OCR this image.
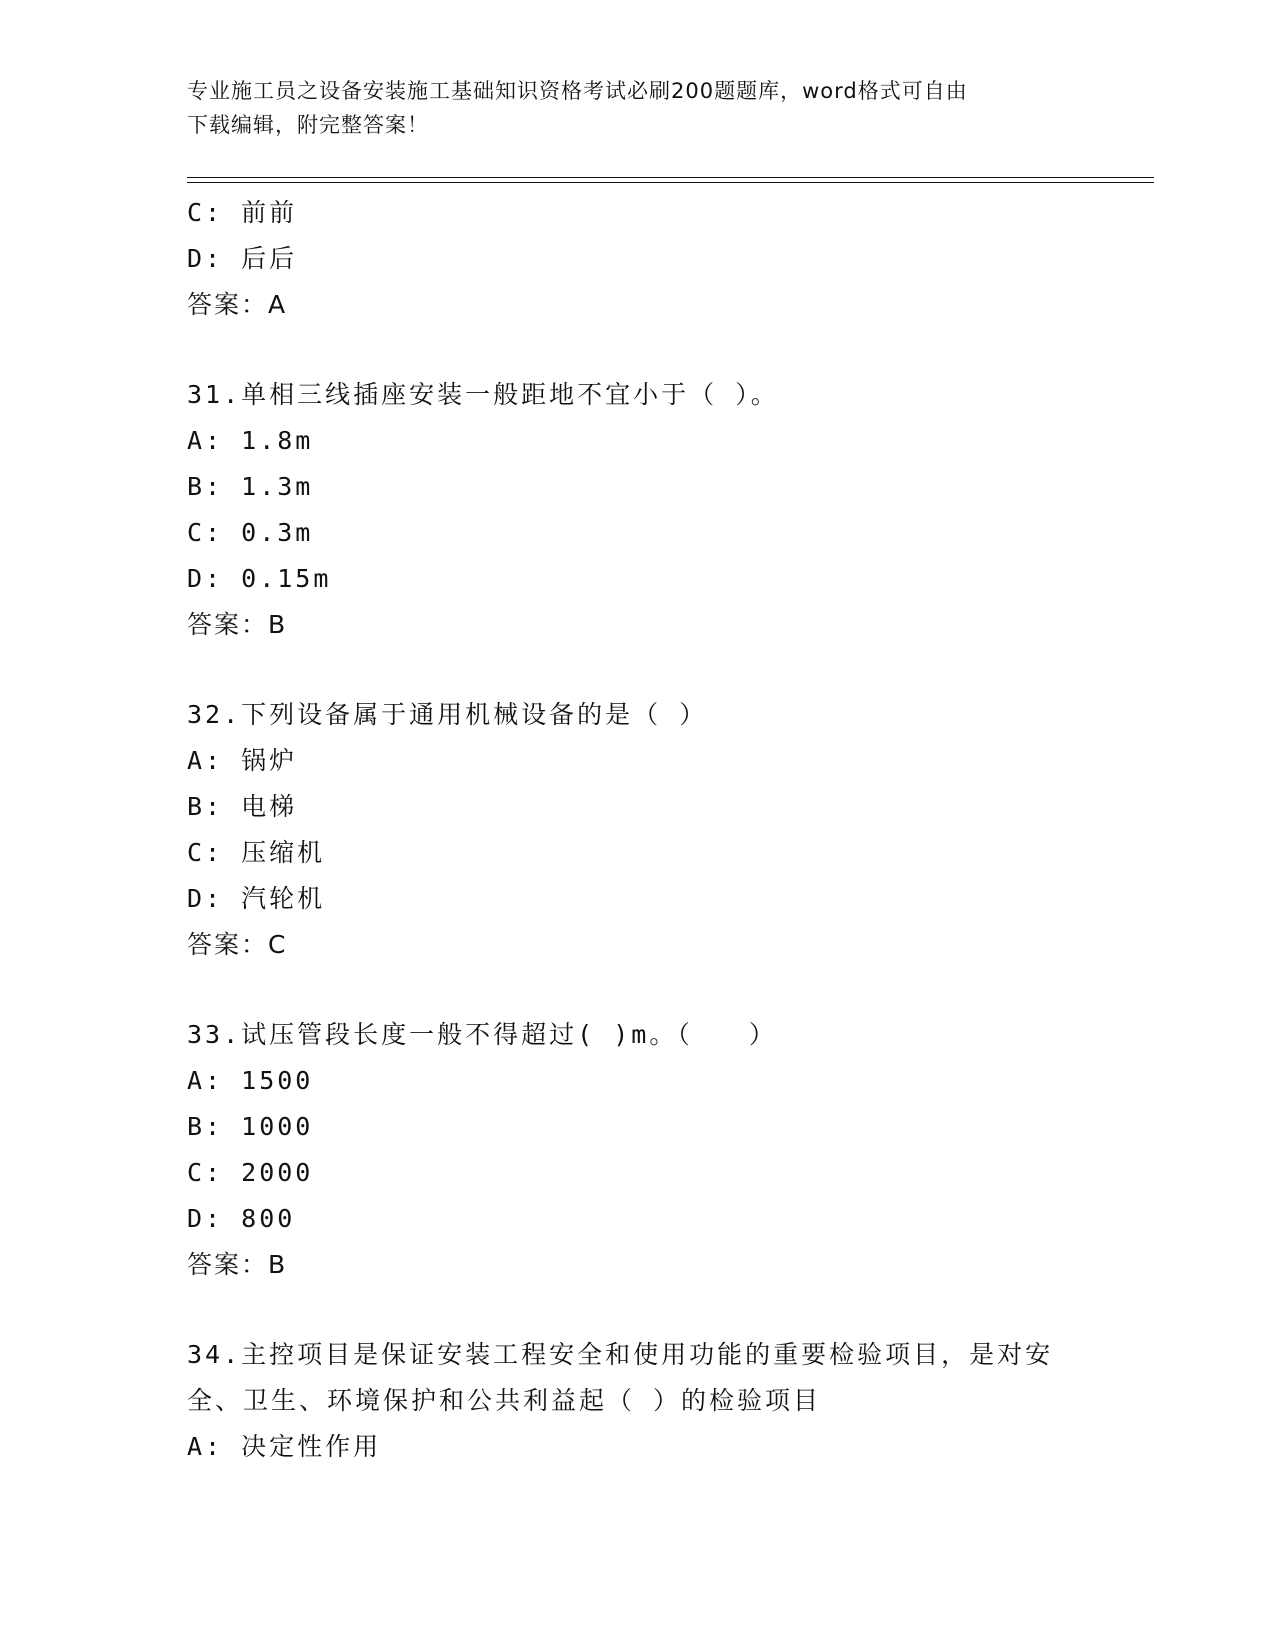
专业施工员之设备安装施工基础知识资格考试必刷200题题库，word格式可自由
下载编辑，附完整答案！
C: 前前
D: 后后
答案：A
31.单相三线插座安装一般距地不宜小于（ ）。
A: 1.8m
B: 1.3m
C: 0.3m
D: 0.15m
答案：B
32.下列设备属于通用机械设备的是（ ）
A: 锅炉
B: 电梯
C: 压缩机
D: 汽轮机
答案：C
33.试压管段长度一般不得超过( )m。（　　）
A: 1500
B: 1000
C: 2000
D: 800
答案：B
34.主控项目是保证安装工程安全和使用功能的重要检验项目，是对安
全、卫生、环境保护和公共利益起（ ）的检验项目
A: 决定性作用
